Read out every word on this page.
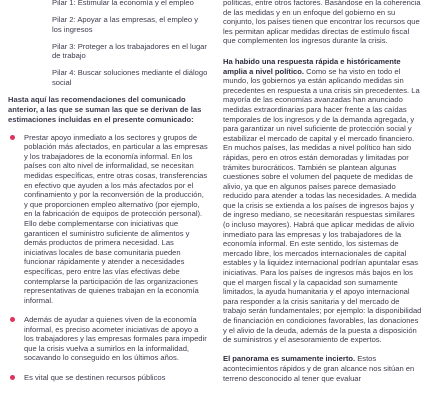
Pilar 1: Estimular la economía y el empleo

Pilar 2: Apoyar a las empresas, el empleo y los ingresos

Pilar 3: Proteger a los trabajadores en el lugar de trabajo

Pilar 4: Buscar soluciones mediante el diálogo social

Hasta aquí las recomendaciones del comunicado anterior, a las que se suman las que se derivan de las estimaciones incluidas en el presente comunicado:

Prestar apoyo inmediato a los sectores y grupos de población más afectados, en particular a las empresas y los trabajadores de la economía informal. En los países con alto nivel de informalidad, se necesitan medidas específicas, entre otras cosas, transferencias en efectivo que ayuden a los más afectados por el confinamiento y por la reconversión de la producción, y que proporcionen empleo alternativo (por ejemplo, en la fabricación de equipos de protección personal). Ello debe complementarse con iniciativas que garanticen el suministro suficiente de alimentos y demás productos de primera necesidad. Las iniciativas locales de base comunitaria pueden funcionar rápidamente y atender a necesidades específicas, pero entre las vías efectivas debe contemplarse la participación de las organizaciones representativas de quienes trabajan en la economía informal.
Además de ayudar a quienes viven de la economía informal, es preciso acometer iniciativas de apoyo a los trabajadores y las empresas formales para impedir que la crisis vuelva a sumirlos en la informalidad, socavando lo conseguido en los últimos años.
Es vital que se destinen recursos públicos

políticas, entre otros factores. Basándose en la coherencia de las medidas y en un enfoque del gobierno en su conjunto, los países tienen que encontrar los recursos que les permitan aplicar medidas directas de estímulo fiscal que complementen los ingresos durante la crisis.

Ha habido una respuesta rápida e históricamente amplia a nivel político. Como se ha visto en todo el mundo, los gobiernos ya están aplicando medidas sin precedentes en respuesta a una crisis sin precedentes. La mayoría de las economías avanzadas han anunciado medidas extraordinarias para hacer frente a las caídas temporales de los ingresos y de la demanda agregada, y para garantizar un nivel suficiente de protección social y estabilizar el mercado de capital y el mercado financiero. En muchos países, las medidas a nivel político han sido rápidas, pero en otros están demoradas y limitadas por trámites burocráticos. También se plantean algunas cuestiones sobre el volumen del paquete de medidas de alivio, ya que en algunos países parece demasiado reducido para atender a todas las necesidades. A medida que la crisis se extienda a los países de ingresos bajos y de ingreso mediano, se necesitarán respuestas similares (o incluso mayores). Habrá que aplicar medidas de alivio inmediato para las empresas y los trabajadores de la economía informal. En este sentido, los sistemas de mercado libre, los mercados internacionales de capital estables y la liquidez internacional podrían apuntalar esas iniciativas. Para los países de ingresos más bajos en los que el margen fiscal y la capacidad son sumamente limitados, la ayuda humanitaria y el apoyo internacional para responder a la crisis sanitaria y del mercado de trabajo serán fundamentales; por ejemplo: la disponibilidad de financiación en condiciones favorables, las donaciones y el alivio de la deuda, además de la puesta a disposición de suministros y el asesoramiento de expertos.

El panorama es sumamente incierto. Estos acontecimientos rápidos y de gran alcance nos sitúan en terreno desconocido al tener que evaluar
